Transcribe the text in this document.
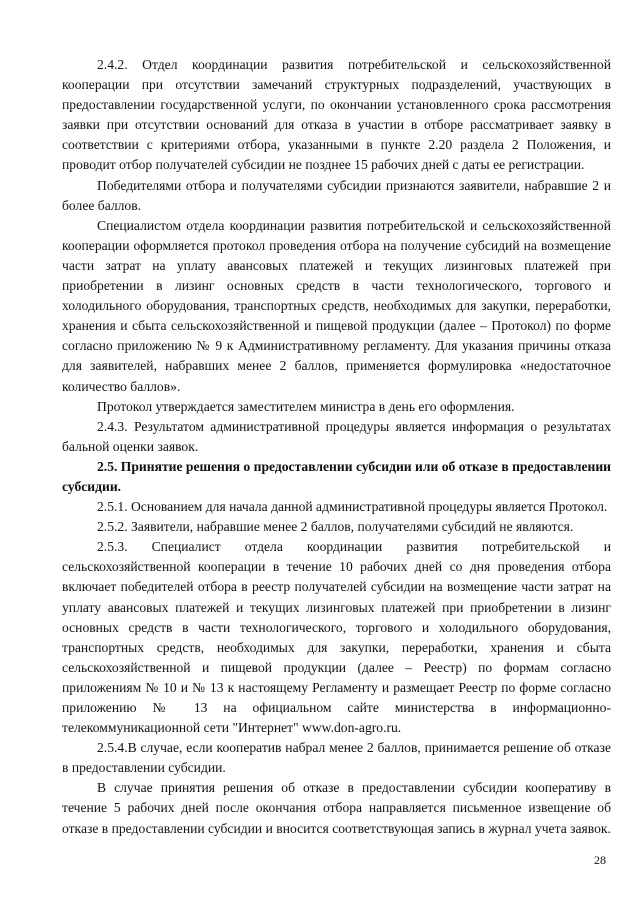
2.4.2. Отдел координации развития потребительской и сельскохозяйственной кооперации при отсутствии замечаний структурных подразделений, участвующих в предоставлении государственной услуги, по окончании установленного срока рассмотрения заявки при отсутствии оснований для отказа в участии в отборе рассматривает заявку в соответствии с критериями отбора, указанными в пункте 2.20 раздела 2 Положения, и проводит отбор получателей субсидии не позднее 15 рабочих дней с даты ее регистрации.

Победителями отбора и получателями субсидии признаются заявители, набравшие 2 и более баллов.

Специалистом отдела координации развития потребительской и сельскохозяйственной кооперации оформляется протокол проведения отбора на получение субсидий на возмещение части затрат на уплату авансовых платежей и текущих лизинговых платежей при приобретении в лизинг основных средств в части технологического, торгового и холодильного оборудования, транспортных средств, необходимых для закупки, переработки, хранения и сбыта сельскохозяйственной и пищевой продукции (далее – Протокол) по форме согласно приложению № 9 к Административному регламенту. Для указания причины отказа для заявителей, набравших менее 2 баллов, применяется формулировка «недостаточное количество баллов».

Протокол утверждается заместителем министра в день его оформления.

2.4.3. Результатом административной процедуры является информация о результатах бальной оценки заявок.

2.5. Принятие решения о предоставлении субсидии или об отказе в предоставлении субсидии.

2.5.1. Основанием для начала данной административной процедуры является Протокол.

2.5.2. Заявители, набравшие менее 2 баллов, получателями субсидий не являются.

2.5.3. Специалист отдела координации развития потребительской и сельскохозяйственной кооперации в течение 10 рабочих дней со дня проведения отбора включает победителей отбора в реестр получателей субсидии на возмещение части затрат на уплату авансовых платежей и текущих лизинговых платежей при приобретении в лизинг основных средств в части технологического, торгового и холодильного оборудования, транспортных средств, необходимых для закупки, переработки, хранения и сбыта сельскохозяйственной и пищевой продукции (далее – Реестр) по формам согласно приложениям № 10 и № 13 к настоящему Регламенту и размещает Реестр по форме согласно приложению № 13 на официальном сайте министерства в информационно-телекоммуникационной сети "Интернет" www.don-agro.ru.

2.5.4.В случае, если кооператив набрал менее 2 баллов, принимается решение об отказе в предоставлении субсидии.

В случае принятия решения об отказе в предоставлении субсидии кооперативу в течение 5 рабочих дней после окончания отбора направляется письменное извещение об отказе в предоставлении субсидии и вносится соответствующая запись в журнал учета заявок.

28
